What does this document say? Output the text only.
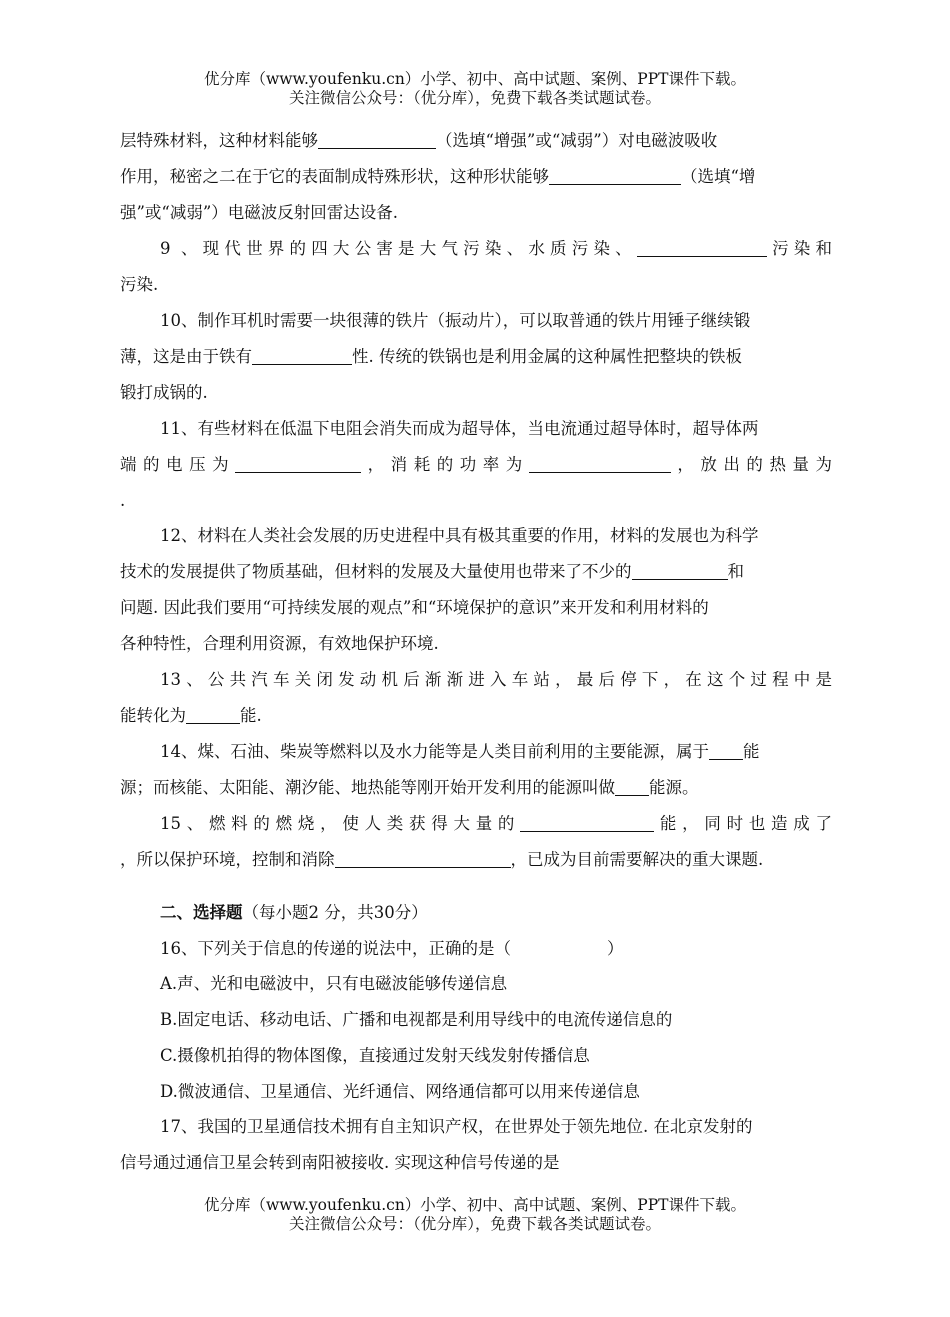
优分库（www.youfenku.cn）小学、初中、高中试题、案例、PPT课件下载。
关注微信公众号：（优分库），免费下载各类试题试卷。
层特殊材料，这种材料能够	（选填“增强”或“减弱”）对电磁波吸收
作用，秘密之二在于它的表面制成特殊形状，这种形状能够	（选填“增
强”或“减弱”）电磁波反射回雷达设备.
9 、现代世界的四大公害是大气污染、水质污染、	污染和
污染.
10、制作耳机时需要一块很薄的铁片（振动片），可以取普通的铁片用锤子继续锻
薄，这是由于铁有	性. 传统的铁锅也是利用金属的这种属性把整块的铁板
锻打成锅的.
11、有些材料在低温下电阻会消失而成为超导体，当电流通过超导体时，超导体两
端的电压为	，消耗的功率为	，放出的热量为
.
12、材料在人类社会发展的历史进程中具有极其重要的作用，材料的发展也为科学
技术的发展提供了物质基础，但材料的发展及大量使用也带来了不少的	和
问题. 因此我们要用“可持续发展的观点”和“环境保护的意识”来开发和利用材料的
各种特性，合理利用资源，有效地保护环境.
13、公共汽车关闭发动机后渐渐进入车站，最后停下，在这个过程中是
能转化为	能.
14、煤、石油、柴炭等燃料以及水力能等是人类目前利用的主要能源，属于 能
源；而核能、太阳能、潮汐能、地热能等刚开始开发利用的能源叫做 能源。
15、燃料的燃烧，使人类获得大量的	能，同时也造成了
，所以保护环境，控制和消除	，已成为目前需要解决的重大课题.
二、选择题（每小题2 分，共30分）
16、下列关于信息的传递的说法中，正确的是（	）
A.声、光和电磁波中，只有电磁波能够传递信息
B.固定电话、移动电话、广播和电视都是利用导线中的电流传递信息的
C.摄像机拍得的物体图像，直接通过发射天线发射传播信息
D.微波通信、卫星通信、光纤通信、网络通信都可以用来传递信息
17、我国的卫星通信技术拥有自主知识产权，在世界处于领先地位. 在北京发射的
信号通过通信卫星会转到南阳被接收. 实现这种信号传递的是
优分库（www.youfenku.cn）小学、初中、高中试题、案例、PPT课件下载。
关注微信公众号：（优分库），免费下载各类试题试卷。
